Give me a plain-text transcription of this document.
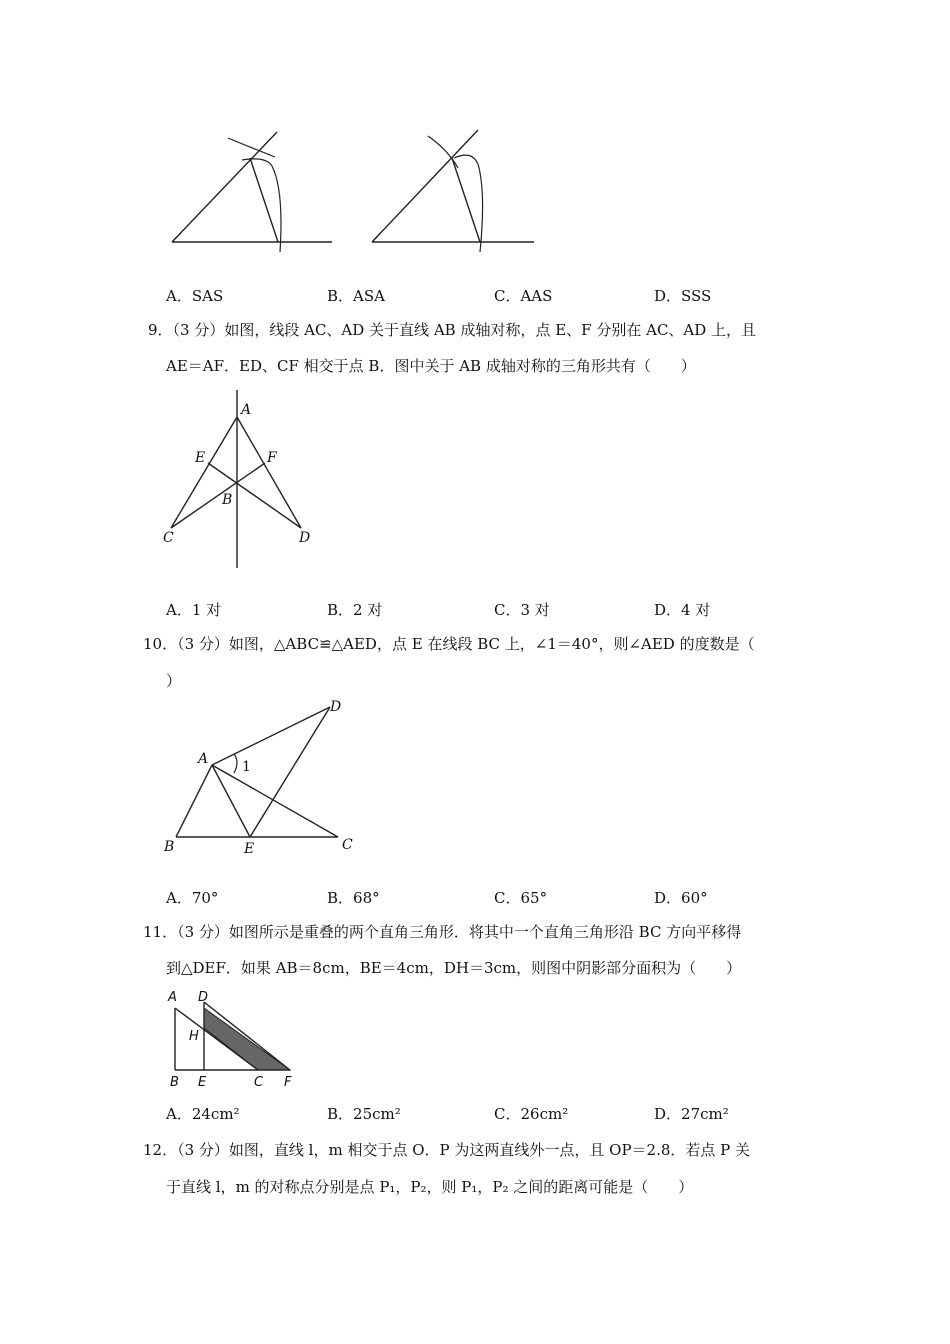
A．SAS	B．ASA	C．AAS	D．SSS
9．（3 分）如图，线段 AC、AD 关于直线 AB 成轴对称，点 E、F 分别在 AC、AD 上，且
AE＝AF．ED、CF 相交于点 B．图中关于 AB 成轴对称的三角形共有（　　）
A
E	F
B
C	D
A．1 对	B．2 对	C．3 对	D．4 对
10．（3 分）如图，△ABC≌△AED，点 E 在线段 BC 上，∠1＝40°，则∠AED 的度数是（
）
A
D
1
B	E	C
A．70°	B．68°	C．65°	D．60°
11．（3 分）如图所示是重叠的两个直角三角形．将其中一个直角三角形沿 BC 方向平移得
到△DEF．如果 AB＝8cm，BE＝4cm，DH＝3cm，则图中阴影部分面积为（　　）
A D
H
B E	C F
A．24cm²	B．25cm²	C．26cm²	D．27cm²
12．（3 分）如图，直线 l，m 相交于点 O．P 为这两直线外一点，且 OP＝2.8．若点 P 关
于直线 l，m 的对称点分别是点 P₁，P₂，则 P₁，P₂ 之间的距离可能是（　　）
